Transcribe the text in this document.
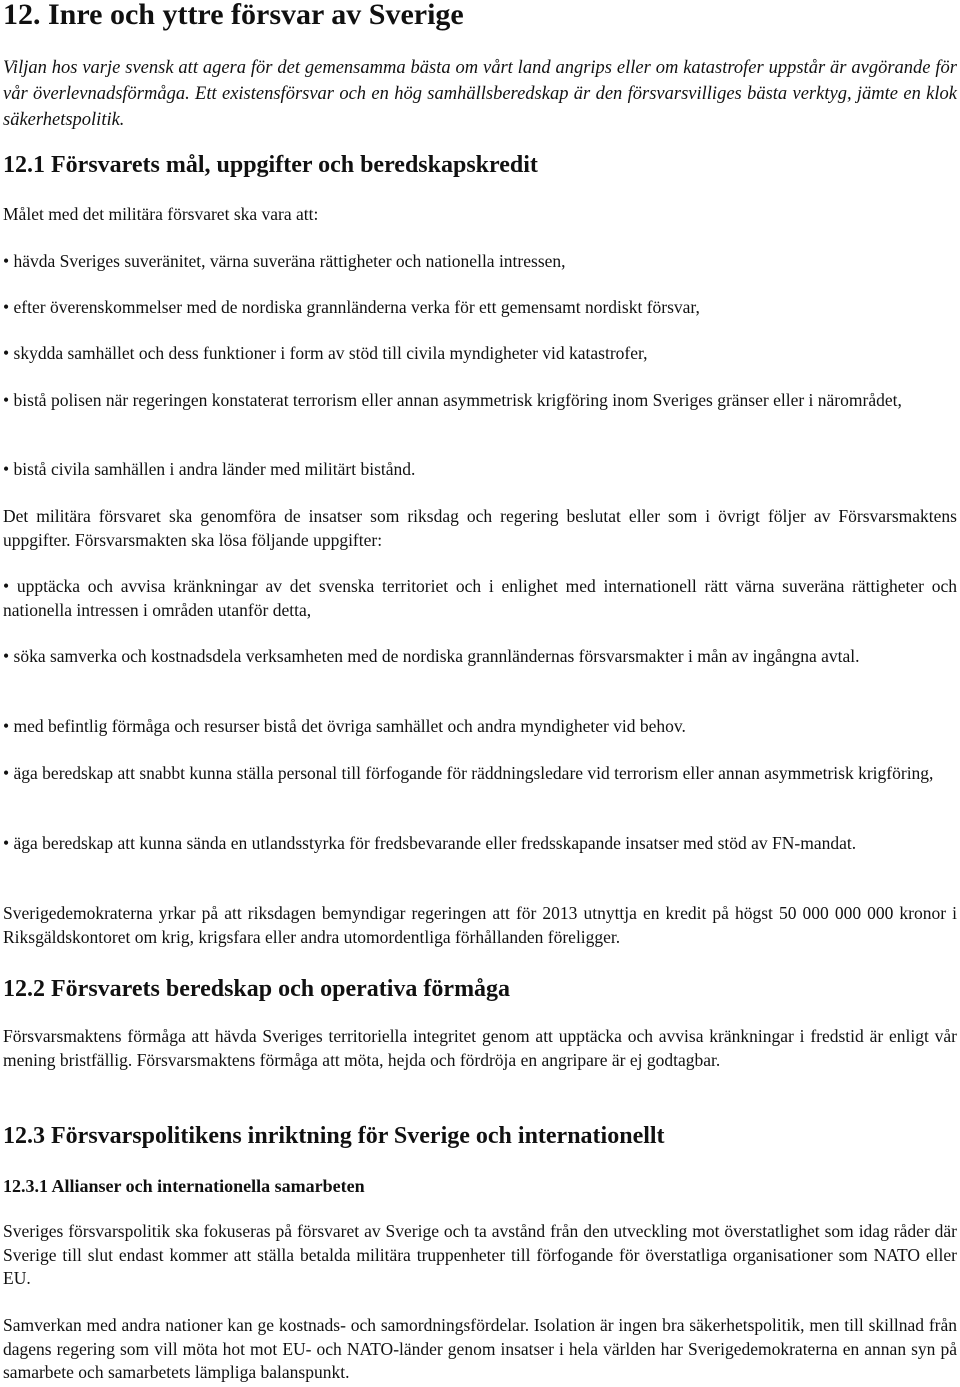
12. Inre och yttre försvar av Sverige

Viljan hos varje svensk att agera för det gemensamma bästa om vårt land angrips eller om katastrofer uppstår är avgörande för vår överlevnadsförmåga. Ett existensförsvar och en hög samhällsberedskap är den försvarsvilliges bästa verktyg, jämte en klok säkerhetspolitik.

12.1 Försvarets mål, uppgifter och beredskapskredit

Målet med det militära försvaret ska vara att:

• hävda Sveriges suveränitet, värna suveräna rättigheter och nationella intressen,

• efter överenskommelser med de nordiska grannländerna verka för ett gemensamt nordiskt försvar,

• skydda samhället och dess funktioner i form av stöd till civila myndigheter vid katastrofer,

• bistå polisen när regeringen konstaterat terrorism eller annan asymmetrisk krigföring inom Sveriges gränser eller i närområdet,

• bistå civila samhällen i andra länder med militärt bistånd.

Det militära försvaret ska genomföra de insatser som riksdag och regering beslutat eller som i övrigt följer av Försvarsmaktens uppgifter. Försvarsmakten ska lösa följande uppgifter:

• upptäcka och avvisa kränkningar av det svenska territoriet och i enlighet med internationell rätt värna suveräna rättigheter och nationella intressen i områden utanför detta,

• söka samverka och kostnadsdela verksamheten med de nordiska grannländernas försvarsmakter i mån av ingångna avtal.

• med befintlig förmåga och resurser bistå det övriga samhället och andra myndigheter vid behov.

• äga beredskap att snabbt kunna ställa personal till förfogande för räddningsledare vid terrorism eller annan asymmetrisk krigföring,

• äga beredskap att kunna sända en utlandsstyrka för fredsbevarande eller fredsskapande insatser med stöd av FN-mandat.

Sverigedemokraterna yrkar på att riksdagen bemyndigar regeringen att för 2013 utnyttja en kredit på högst 50 000 000 000 kronor i Riksgäldskontoret om krig, krigsfara eller andra utomordentliga förhållanden föreligger.

12.2 Försvarets beredskap och operativa förmåga

Försvarsmaktens förmåga att hävda Sveriges territoriella integritet genom att upptäcka och avvisa kränkningar i fredstid är enligt vår mening bristfällig. Försvarsmaktens förmåga att möta, hejda och fördröja en angripare är ej godtagbar.

12.3 Försvarspolitikens inriktning för Sverige och internationellt
12.3.1 Allianser och internationella samarbeten

Sveriges försvarspolitik ska fokuseras på försvaret av Sverige och ta avstånd från den utveckling mot överstatlighet som idag råder där Sverige till slut endast kommer att ställa betalda militära truppenheter till förfogande för överstatliga organisationer som NATO eller EU.

Samverkan med andra nationer kan ge kostnads- och samordningsfördelar. Isolation är ingen bra säkerhetspolitik, men till skillnad från dagens regering som vill möta hot mot EU- och NATO-länder genom insatser i hela världen har Sverigedemokraterna en annan syn på samarbete och samarbetets lämpliga balanspunkt.
